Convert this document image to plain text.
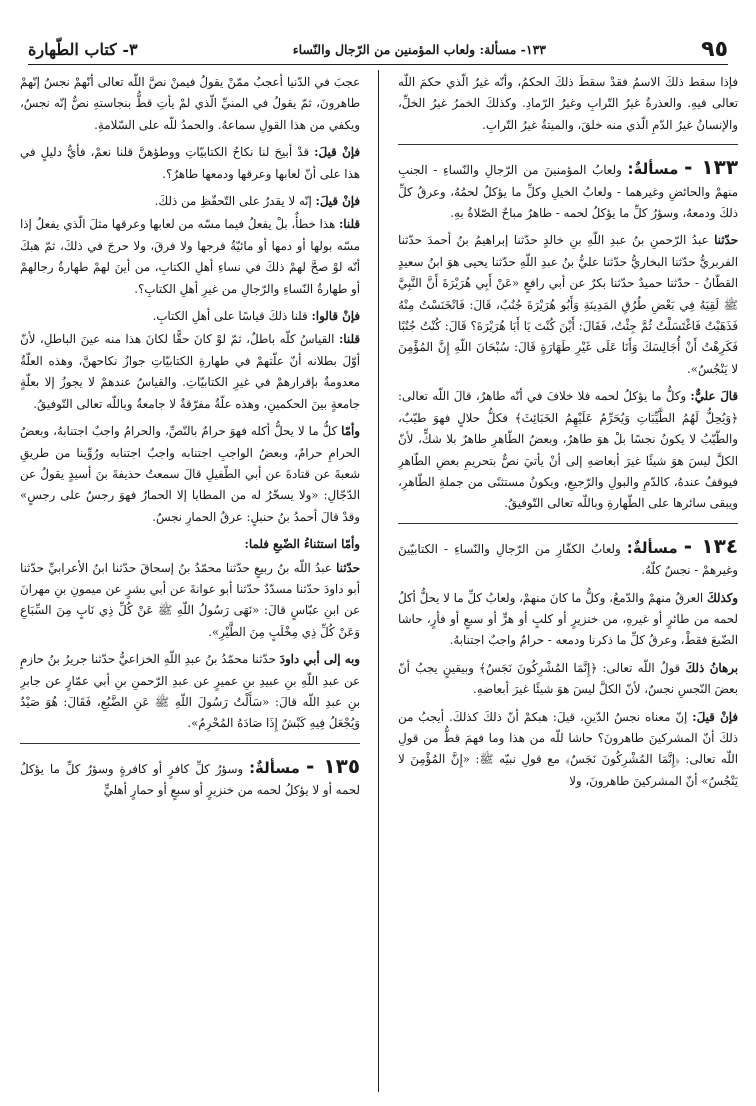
٩٥
١٣٣- مسألة: ولعاب المؤمنين من الرّجال والنّساء
٣- كتاب الطّهارة

فإذا سقط ذلكَ الاسمُ فقدْ سقطَ ذلكَ الحكمُ، وأنّه غيرُ الّذي حكمَ اللّه تعالى فيهِ. والعذرةُ غيرُ التّرابِ وغيرُ الرّمادِ. وكذلكَ الخمرُ غيرُ الخلِّ، والإنسانُ غيرُ الدّمِ الّذي منه خلقَ، والميتةُ غيرُ التّرابِ.

١٣٣ - مسألةٌ: ولعابُ المؤمنينَ من الرّجالِ والنّساءِ - الجنبِ منهمْ والحائضِ وغيرهما - ولعابُ الخيلِ وكلِّ ما يؤكلُ لحمُهُ، وعرقُ كلِّ ذلكَ ودمعهُ، وسؤرُ كلِّ ما يؤكلُ لحمه - طاهرٌ مباحٌ الصّلاةُ بهِ.

حدّثنا عبدُ الرّحمنِ بنُ عبدِ اللّهِ بنِ خالدٍ حدّثنا إبراهيمُ بنُ أحمدَ حدّثنا الفربريُّ حدّثنا البخاريُّ حدّثنا عليُّ بنُ عبدِ اللّهِ حدّثنا يحيى هوَ ابنُ سعيدٍ القطّانُ - حدّثنا حميدٌ حدّثنا بكرٌ عن أبي رافعٍ «عَنْ أَبِي هُرَيْرَةَ أَنَّ النَّبِيَّ ﷺ لَقِيَهُ فِي بَعْضِ طُرُقِ المَدِينَةِ وَأَبُو هُرَيْرَةَ جُنُبٌ، قَالَ: فَانْخَنَسْتُ مِنْهُ فَذَهَبْتُ فَاغْتَسَلْتُ ثُمَّ جِئْتُ، فَقَالَ: أَيْنَ كُنْتَ يَا أَبَا هُرَيْرَةَ؟ قَالَ: كُنْتُ جُنُبًا فَكَرِهْتُ أَنْ أُجَالِسَكَ وَأَنَا عَلَى غَيْرِ طَهَارَةٍ قَالَ: سُبْحَانَ اللّهِ إِنَّ المُؤْمِنَ لا يَنْجُسُ».

قالَ عليٌّ: وكلُّ ما يؤكلُ لحمه فلا خلافَ في أنّه طاهرٌ، قالَ اللّه تعالى: ﴿وَيُحِلُّ لَهُمُ الطَّيِّبَاتِ وَيُحَرِّمُ عَلَيْهِمُ الخَبَائِثَ﴾ فكلُّ حلالٍ فهوَ طيّبٌ، والطّيّبُ لا يكونُ نجسًا بلْ هوَ طاهرٌ، وبعضُ الطّاهرِ طاهرٌ بلا شكٍّ، لأنّ الكلَّ ليسَ هوَ شيئًا غيرَ أبعاضهِ إلى أنْ يأتيَ نصٌّ بتحريمِ بعضِ الطّاهرِ فيوقفُ عندهُ، كالدّمِ والبولِ والرّجيعِ، ويكونُ مستثنًى من جملةِ الطّاهرِ، ويبقى سائرها على الطّهارةِ وباللّه تعالى التّوفيقُ.

١٣٤ - مسألةٌ: ولعابُ الكفّارِ من الرّجالِ والنّساءِ - الكتابيّينَ وغيرهمْ - نجسٌ كلّهُ.

وكذلكَ العرقُ منهمْ والدّمعُ، وكلُّ ما كانَ منهمْ، ولعابُ كلِّ ما لا يحلُّ أكلُ لحمه من طائرٍ أو غيرهِ، من خنزيرٍ أو كلبٍ أو هرٍّ أو سبعٍ أو فأرٍ، حاشا الضّبعَ فقطْ، وعرقُ كلِّ ما ذكرنا ودمعه - حرامٌ واجبٌ اجتنابهُ.

برهانُ ذلكَ قولُ اللّه تعالى: ﴿إِنَّمَا المُشْرِكُونَ نَجَسٌ﴾ وبيقينٍ يجبُ أنّ بعضَ النّجسِ نجسٌ، لأنّ الكلَّ ليسَ هوَ شيئًا غيرَ أبعاضهِ.

فإنْ قيلَ: إنّ معناه نجسُ الدّينِ، قيلَ: هبكمْ أنّ ذلكَ كذلكَ. أيجبُ من ذلكَ أنّ المشركينَ طاهرونَ؟ حاشا للّه من هذا وما فهمَ قطُّ من قولِ اللّه تعالى: ﴿إِنَّمَا المُشْرِكُونَ نَجَسٌ﴾ مع قولِ نبيّه ﷺ: «إِنَّ المُؤْمِنَ لا يَنْجُسُ» أنّ المشركينَ طاهرونَ، ولا

عجبَ في الدّنيا أعجبُ ممّنْ يقولُ فيمنْ نصَّ اللّه تعالى أنّهمْ نجسٌ إنّهمْ طاهرونَ، ثمّ يقولُ في المنيِّ الّذي لمْ يأتِ قطُّ بنجاستهِ نصٌّ إنّه نجسٌ، ويكفي من هذا القولِ سماعهُ. والحمدُ للّه على السّلامةِ.

فإنْ قيلَ: قدْ أبيحَ لنا نكاحُ الكتابيّاتِ ووطؤهنَّ قلنا نعمْ، فأيُّ دليلٍ في هذا على أنّ لعابها وعرقها ودمعها طاهرٌ؟.

فإنْ قيلَ: إنّه لا يقدرُ على التّحفّظِ من ذلكَ.

قلنا: هذا خطأٌ، بلْ يفعلُ فيما مسّه من لعابها وعرقها مثلَ الّذي يفعلُ إذا مسّه بولها أو دمها أو مائيّةُ فرجها ولا فرقَ، ولا حرجَ في ذلكَ، ثمّ هبكَ أنّه لوْ صحَّ لهمْ ذلكَ في نساءِ أهلِ الكتابِ، من أينَ لهمْ طهارةُ رجالهمْ أو طهارةُ النّساءِ والرّجالِ من غيرِ أهلِ الكتابِ؟.

فإنْ قالوا: قلنا ذلكَ قياسًا على أهلِ الكتابِ.

قلنا: القياسُ كلّه باطلٌ، ثمّ لوْ كانَ حقًّا لكانَ هذا منه عينَ الباطلِ، لأنّ أوّلَ بطلانه أنّ علّتهمْ في طهارةِ الكتابيّاتِ جوازُ نكاحهنَّ، وهذه العلّةُ معدومةٌ بإقرارهمْ في غيرِ الكتابيّاتِ. والقياسُ عندهمْ لا يجوزُ إلا بعلّةٍ جامعةٍ بينَ الحكمينِ، وهذه علّةٌ مفرّقةٌ لا جامعةٌ وباللّه تعالى التّوفيقُ.

وأمّا كلُّ ما لا يحلُّ أكله فهوَ حرامٌ بالنّصِّ، والحرامُ واجبٌ اجتنابهُ، وبعضُ الحرامِ حرامٌ، وبعضُ الواجبِ اجتنابه واجبٌ اجتنابه ورُوِّينا من طريقِ شعبةَ عن قتادةَ عن أبي الطّفيلِ قالَ سمعتُ حذيفةَ بنَ أسيدٍ يقولُ عن الدّجّالِ: «ولا يسخّرُ له من المطايا إلا الحمارُ فهوَ رجسٌ على رجسٍ» وقدْ قالَ أحمدُ بنُ حنبلٍ: عرقُ الحمارِ نجسٌ.

وأمّا استثناءُ الضّبعِ فلما:

حدّثنا عبدُ اللّه بنُ ربيعٍ حدّثنا محمّدُ بنُ إسحاقَ حدّثنا ابنُ الأعرابيِّ حدّثنا أبو داودَ حدّثنا مسدّدٌ حدّثنا أبو عوانةَ عن أبي بشرٍ عن ميمونِ بنِ مهرانَ عن ابنِ عبّاسٍ قالَ: «نَهَى رَسُولُ اللّهِ ﷺ عَنْ كُلِّ ذِي نَابٍ مِنَ السِّبَاعِ وَعَنْ كُلِّ ذِي مِخْلَبٍ مِنَ الطَّيْرِ».

وبه إلى أبي داودَ حدّثنا محمّدُ بنُ عبدِ اللّهِ الخزاعيُّ حدّثنا جريرُ بنُ حازمٍ عن عبدِ اللّهِ بنِ عبيدِ بنِ عميرٍ عن عبدِ الرّحمنِ بنِ أبي عمّارٍ عن جابرِ بنِ عبدِ اللّه قالَ: «سَأَلْتُ رَسُولَ اللّهِ ﷺ عَنِ الضَّبُعِ، فَقَالَ: هُوَ صَيْدٌ وَيُجْعَلُ فِيهِ كَبْشٌ إِذَا صَادَهُ المُحْرِمُ».

١٣٥ - مسألةٌ: وسؤرُ كلِّ كافرٍ أو كافرةٍ وسؤرُ كلِّ ما يؤكلُ لحمه أو لا يؤكلُ لحمه من خنزيرٍ أو سبعٍ أو حمارٍ أهليٍّ
